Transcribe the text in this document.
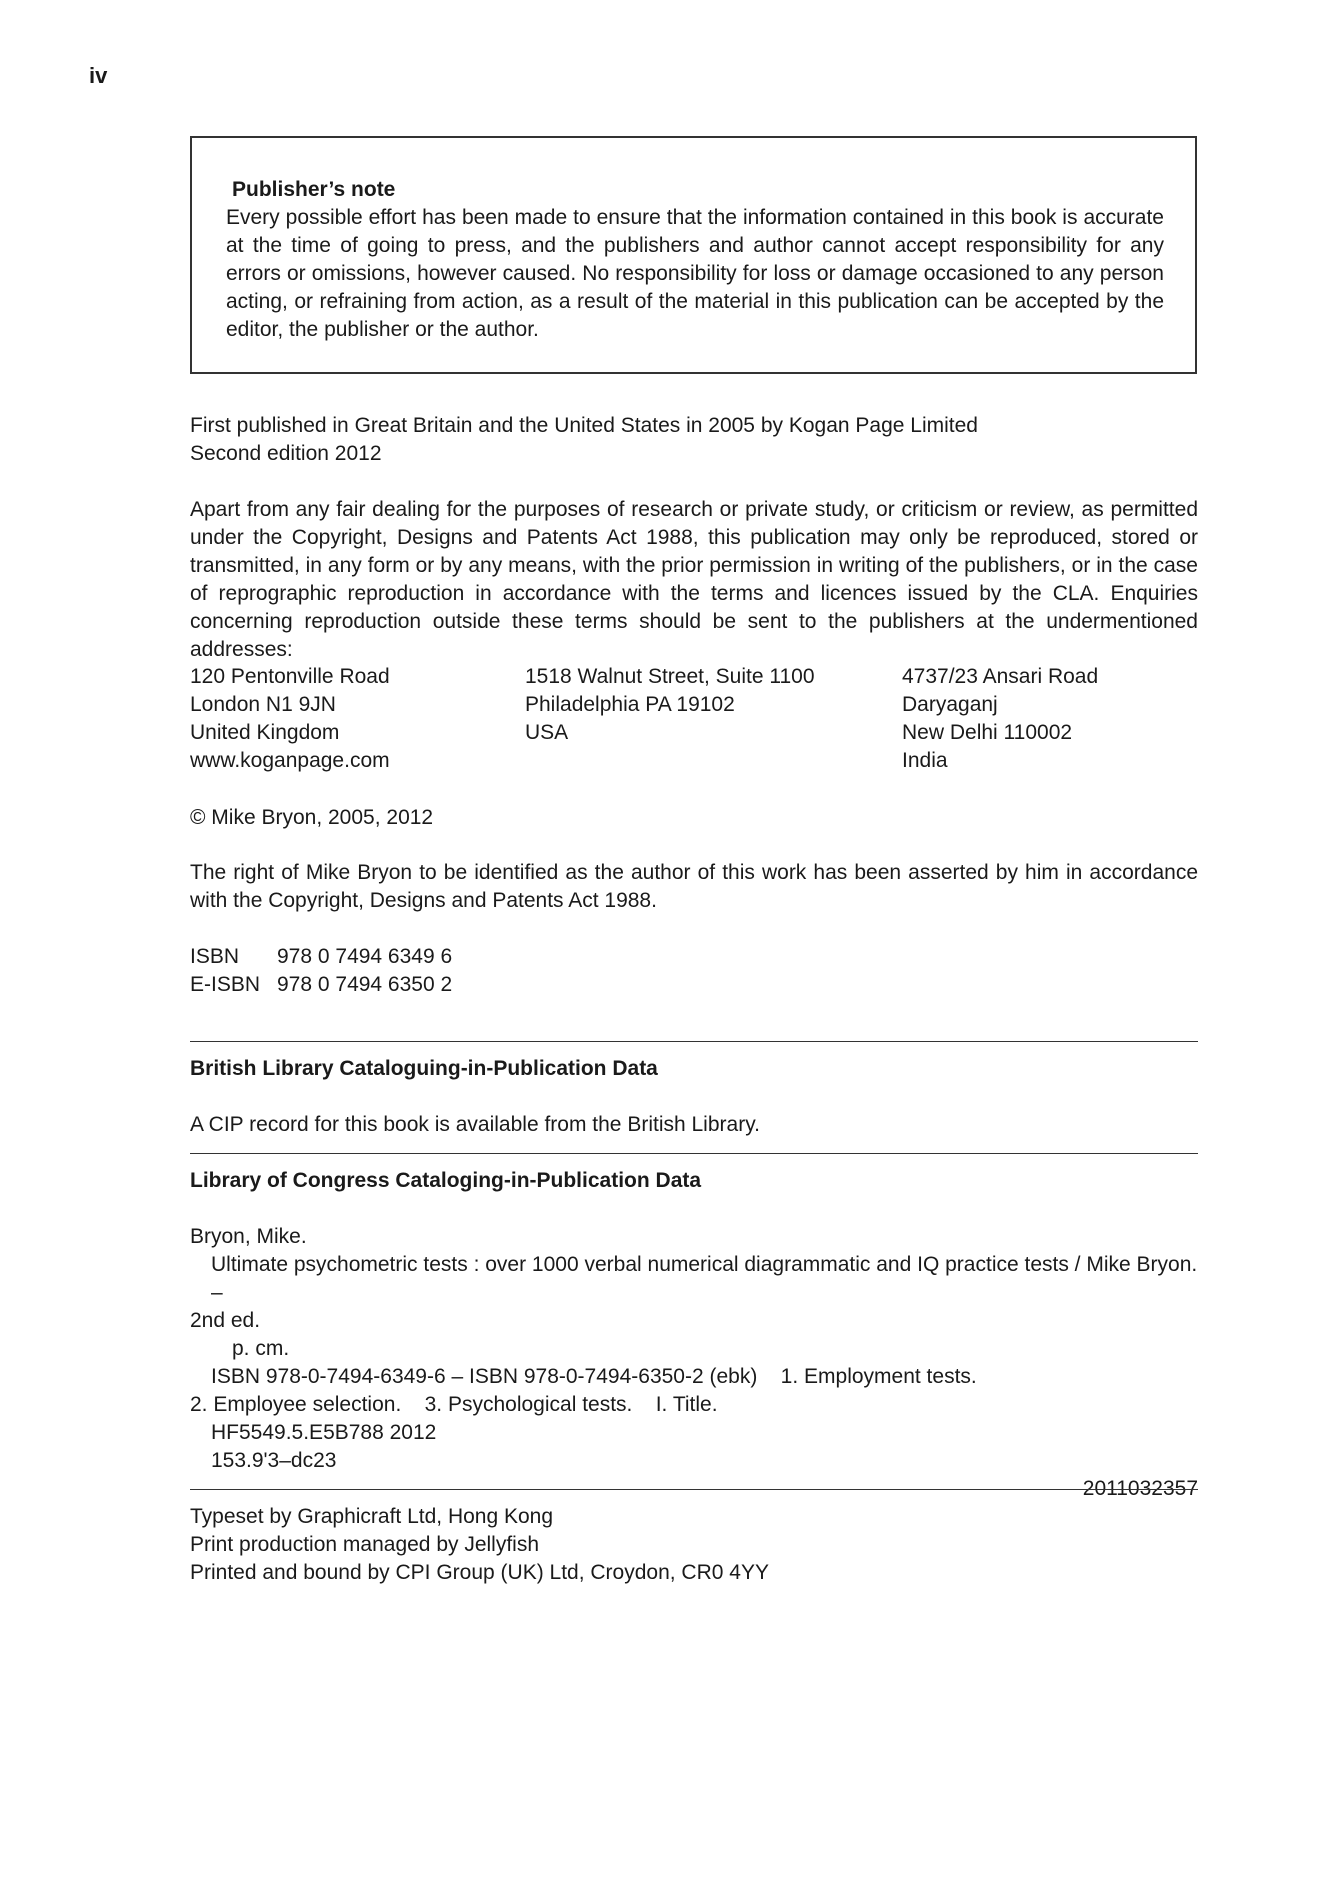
iv
Publisher’s note

Every possible effort has been made to ensure that the information contained in this book is accurate at the time of going to press, and the publishers and author cannot accept responsibility for any errors or omissions, however caused. No responsibility for loss or damage occasioned to any person acting, or refraining from action, as a result of the material in this publication can be accepted by the editor, the publisher or the author.

First published in Great Britain and the United States in 2005 by Kogan Page Limited
Second edition 2012

Apart from any fair dealing for the purposes of research or private study, or criticism or review, as permitted under the Copyright, Designs and Patents Act 1988, this publication may only be reproduced, stored or transmitted, in any form or by any means, with the prior permission in writing of the publishers, or in the case of reprographic reproduction in accordance with the terms and licences issued by the CLA. Enquiries concerning reproduction outside these terms should be sent to the publishers at the undermentioned addresses:

120 Pentonville Road
London N1 9JN
United Kingdom
www.koganpage.com
1518 Walnut Street, Suite 1100
Philadelphia PA 19102
USA
4737/23 Ansari Road
Daryaganj
New Delhi 110002
India
© Mike Bryon, 2005, 2012

The right of Mike Bryon to be identified as the author of this work has been asserted by him in accordance with the Copyright, Designs and Patents Act 1988.

ISBN	978 0 7494 6349 6
E-ISBN 978 0 7494 6350 2
British Library Cataloguing-in-Publication Data
A CIP record for this book is available from the British Library.
Library of Congress Cataloging-in-Publication Data
Bryon, Mike.
Ultimate psychometric tests : over 1000 verbal numerical diagrammatic and IQ practice tests / Mike Bryon. –
2nd ed.
p. cm.
ISBN 978-0-7494-6349-6 – ISBN 978-0-7494-6350-2 (ebk)    1. Employment tests.
2. Employee selection.    3. Psychological tests.    I. Title.
HF5549.5.E5B788 2012
153.9'3–dc23
2011032357
Typeset by Graphicraft Ltd, Hong Kong
Print production managed by Jellyfish
Printed and bound by CPI Group (UK) Ltd, Croydon, CR0 4YY
